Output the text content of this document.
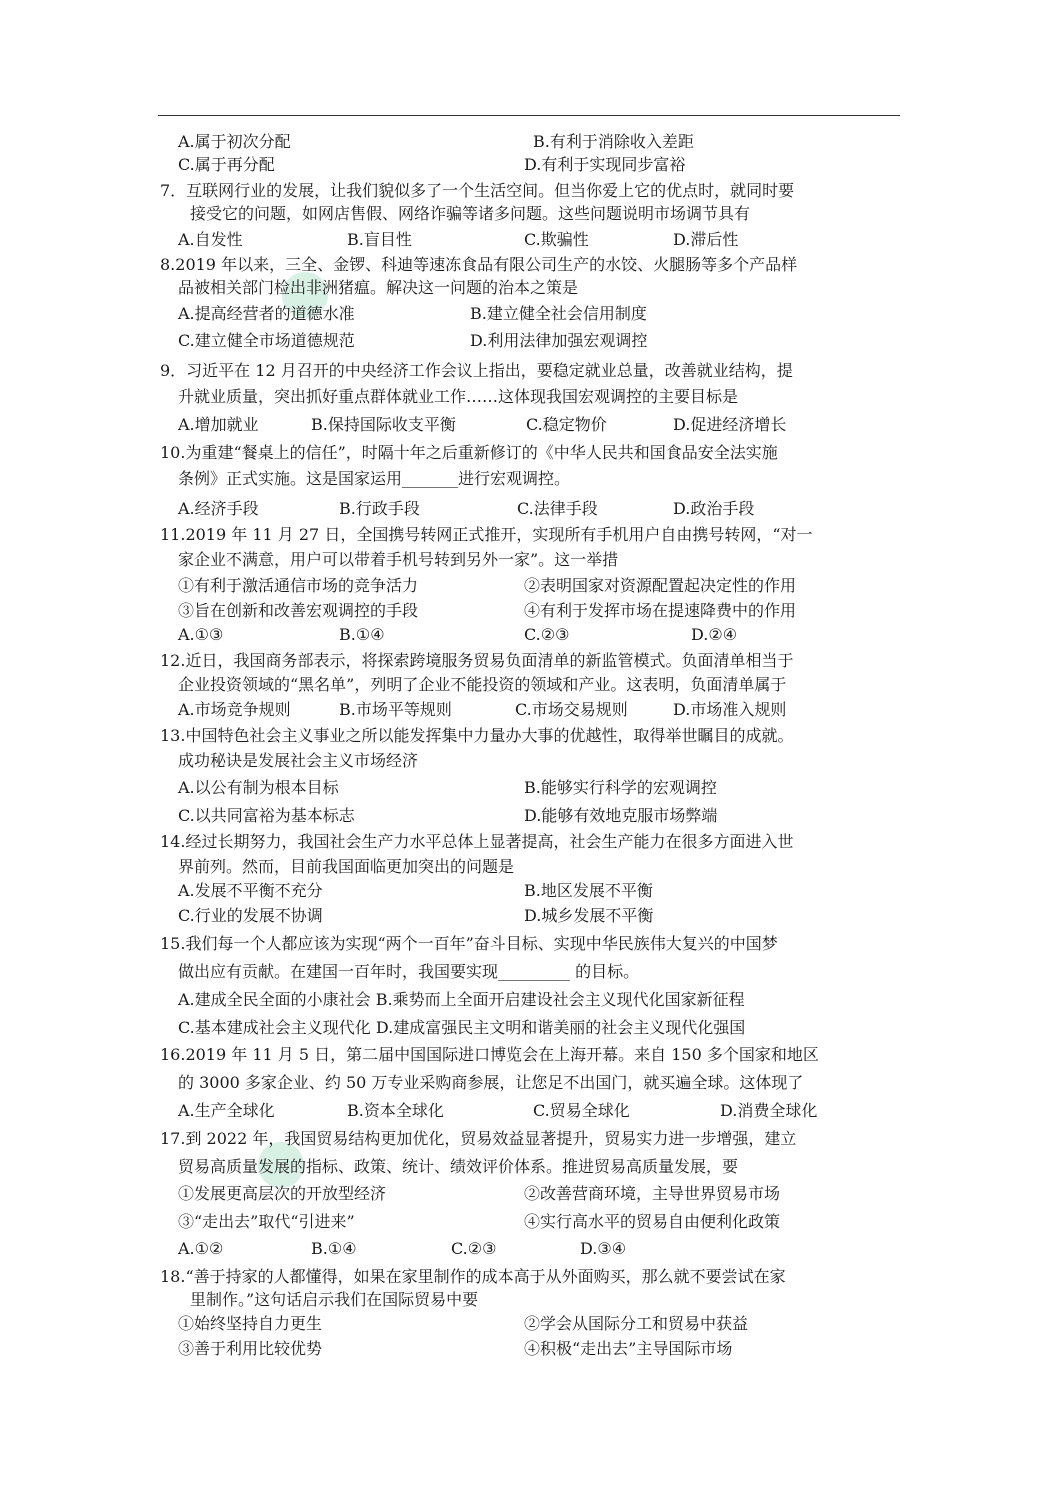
A.属于初次分配	B.有利于消除收入差距
C.属于再分配	D.有利于实现同步富裕
7．互联网行业的发展，让我们貌似多了一个生活空间。但当你爱上它的优点时，就同时要
接受它的问题，如网店售假、网络诈骗等诸多问题。这些问题说明市场调节具有
A.自发性	B.盲目性	C.欺骗性	D.滞后性
8.2019 年以来，三全、金锣、科迪等速冻食品有限公司生产的水饺、火腿肠等多个产品样
品被相关部门检出非洲猪瘟。解决这一问题的治本之策是
A.提高经营者的道德水准	B.建立健全社会信用制度
C.建立健全市场道德规范	D.利用法律加强宏观调控
9．习近平在 12 月召开的中央经济工作会议上指出，要稳定就业总量，改善就业结构，提
升就业质量，突出抓好重点群体就业工作……这体现我国宏观调控的主要目标是
A.增加就业	B.保持国际收支平衡	C.稳定物价	D.促进经济增长
10.为重建“餐桌上的信任”，时隔十年之后重新修订的《中华人民共和国食品安全法实施
条例》正式实施。这是国家运用_______进行宏观调控。
A.经济手段	B.行政手段	C.法律手段	D.政治手段
11.2019 年 11 月 27 日，全国携号转网正式推开，实现所有手机用户自由携号转网，“对一
家企业不满意，用户可以带着手机号转到另外一家”。这一举措
①有利于激活通信市场的竞争活力	②表明国家对资源配置起决定性的作用
③旨在创新和改善宏观调控的手段	④有利于发挥市场在提速降费中的作用
A.①③	B.①④	C.②③	D.②④
12.近日，我国商务部表示，将探索跨境服务贸易负面清单的新监管模式。负面清单相当于
企业投资领域的“黑名单”，列明了企业不能投资的领域和产业。这表明，负面清单属于
A.市场竞争规则	B.市场平等规则	C.市场交易规则	D.市场准入规则
13.中国特色社会主义事业之所以能发挥集中力量办大事的优越性，取得举世瞩目的成就。
成功秘诀是发展社会主义市场经济
A.以公有制为根本目标	B.能够实行科学的宏观调控
C.以共同富裕为基本标志	D.能够有效地克服市场弊端
14.经过长期努力，我国社会生产力水平总体上显著提高，社会生产能力在很多方面进入世
界前列。然而，目前我国面临更加突出的问题是
A.发展不平衡不充分	B.地区发展不平衡
C.行业的发展不协调	D.城乡发展不平衡
15.我们每一个人都应该为实现“两个一百年”奋斗目标、实现中华民族伟大复兴的中国梦
做出应有贡献。在建国一百年时，我国要实现_________ 的目标。
A.建成全民全面的小康社会 B.乘势而上全面开启建设社会主义现代化国家新征程
C.基本建成社会主义现代化 D.建成富强民主文明和谐美丽的社会主义现代化强国
16.2019 年 11 月 5 日，第二届中国国际进口博览会在上海开幕。来自 150 多个国家和地区
的 3000 多家企业、约 50 万专业采购商参展，让您足不出国门，就买遍全球。这体现了
A.生产全球化	B.资本全球化	C.贸易全球化	D.消费全球化
17.到 2022 年，我国贸易结构更加优化，贸易效益显著提升，贸易实力进一步增强，建立
贸易高质量发展的指标、政策、统计、绩效评价体系。推进贸易高质量发展，要
①发展更高层次的开放型经济	②改善营商环境，主导世界贸易市场
③“走出去”取代“引进来”	④实行高水平的贸易自由便利化政策
A.①②	B.①④	C.②③	D.③④
18.“善于持家的人都懂得，如果在家里制作的成本高于从外面购买，那么就不要尝试在家
里制作。”这句话启示我们在国际贸易中要
①始终坚持自力更生	②学会从国际分工和贸易中获益
③善于利用比较优势	④积极“走出去”主导国际市场
